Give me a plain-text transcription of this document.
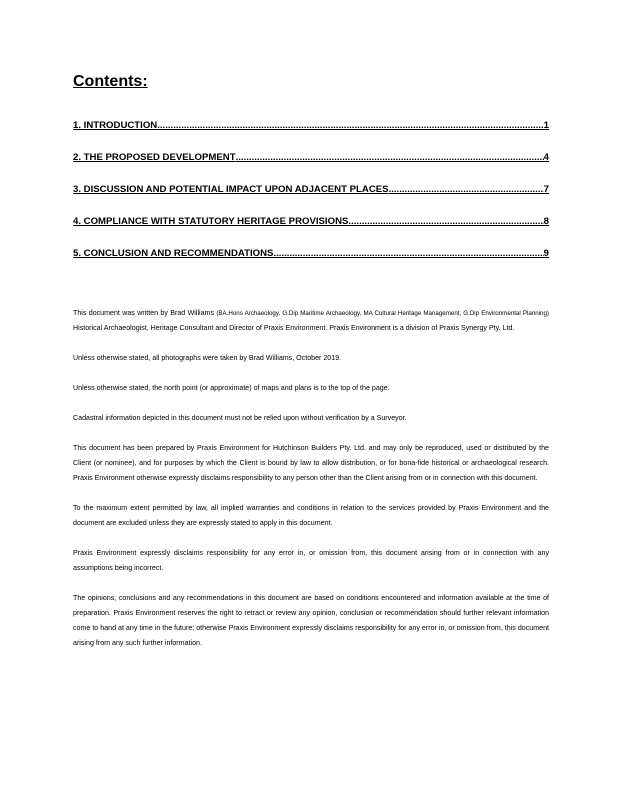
Contents:
1. INTRODUCTION .....	1
2. THE PROPOSED DEVELOPMENT .....	4
3. DISCUSSION AND POTENTIAL IMPACT UPON ADJACENT PLACES .....	7
4. COMPLIANCE WITH STATUTORY HERITAGE PROVISIONS .....	8
5. CONCLUSION AND RECOMMENDATIONS .....	9

This document was written by Brad Williams (BA.Hons Archaeology, G.Dip Maritime Archaeology, MA Cultural Heritage Management, G.Dip Environmental Planning) Historical Archaeologist, Heritage Consultant and Director of Praxis Environment. Praxis Environment is a division of Praxis Synergy Pty. Ltd.

Unless otherwise stated, all photographs were taken by Brad Williams, October 2019.

Unless otherwise stated, the north point (or approximate) of maps and plans is to the top of the page.

Cadastral information depicted in this document must not be relied upon without verification by a Surveyor.

This document has been prepared by Praxis Environment for Hutchinson Builders Pty. Ltd. and may only be reproduced, used or distributed by the Client (or nominee), and for purposes by which the Client is bound by law to allow distribution, or for bona-fide historical or archaeological research. Praxis Environment otherwise expressly disclaims responsibility to any person other than the Client arising from or in connection with this document.

To the maximum extent permitted by law, all implied warranties and conditions in relation to the services provided by Praxis Environment and the document are excluded unless they are expressly stated to apply in this document.

Praxis Environment expressly disclaims responsibility for any error in, or omission from, this document arising from or in connection with any assumptions being incorrect.

The opinions, conclusions and any recommendations in this document are based on conditions encountered and information available at the time of preparation. Praxis Environment reserves the right to retract or review any opinion, conclusion or recommendation should further relevant information come to hand at any time in the future; otherwise Praxis Environment expressly disclaims responsibility for any error in, or omission from, this document arising from any such further information.
